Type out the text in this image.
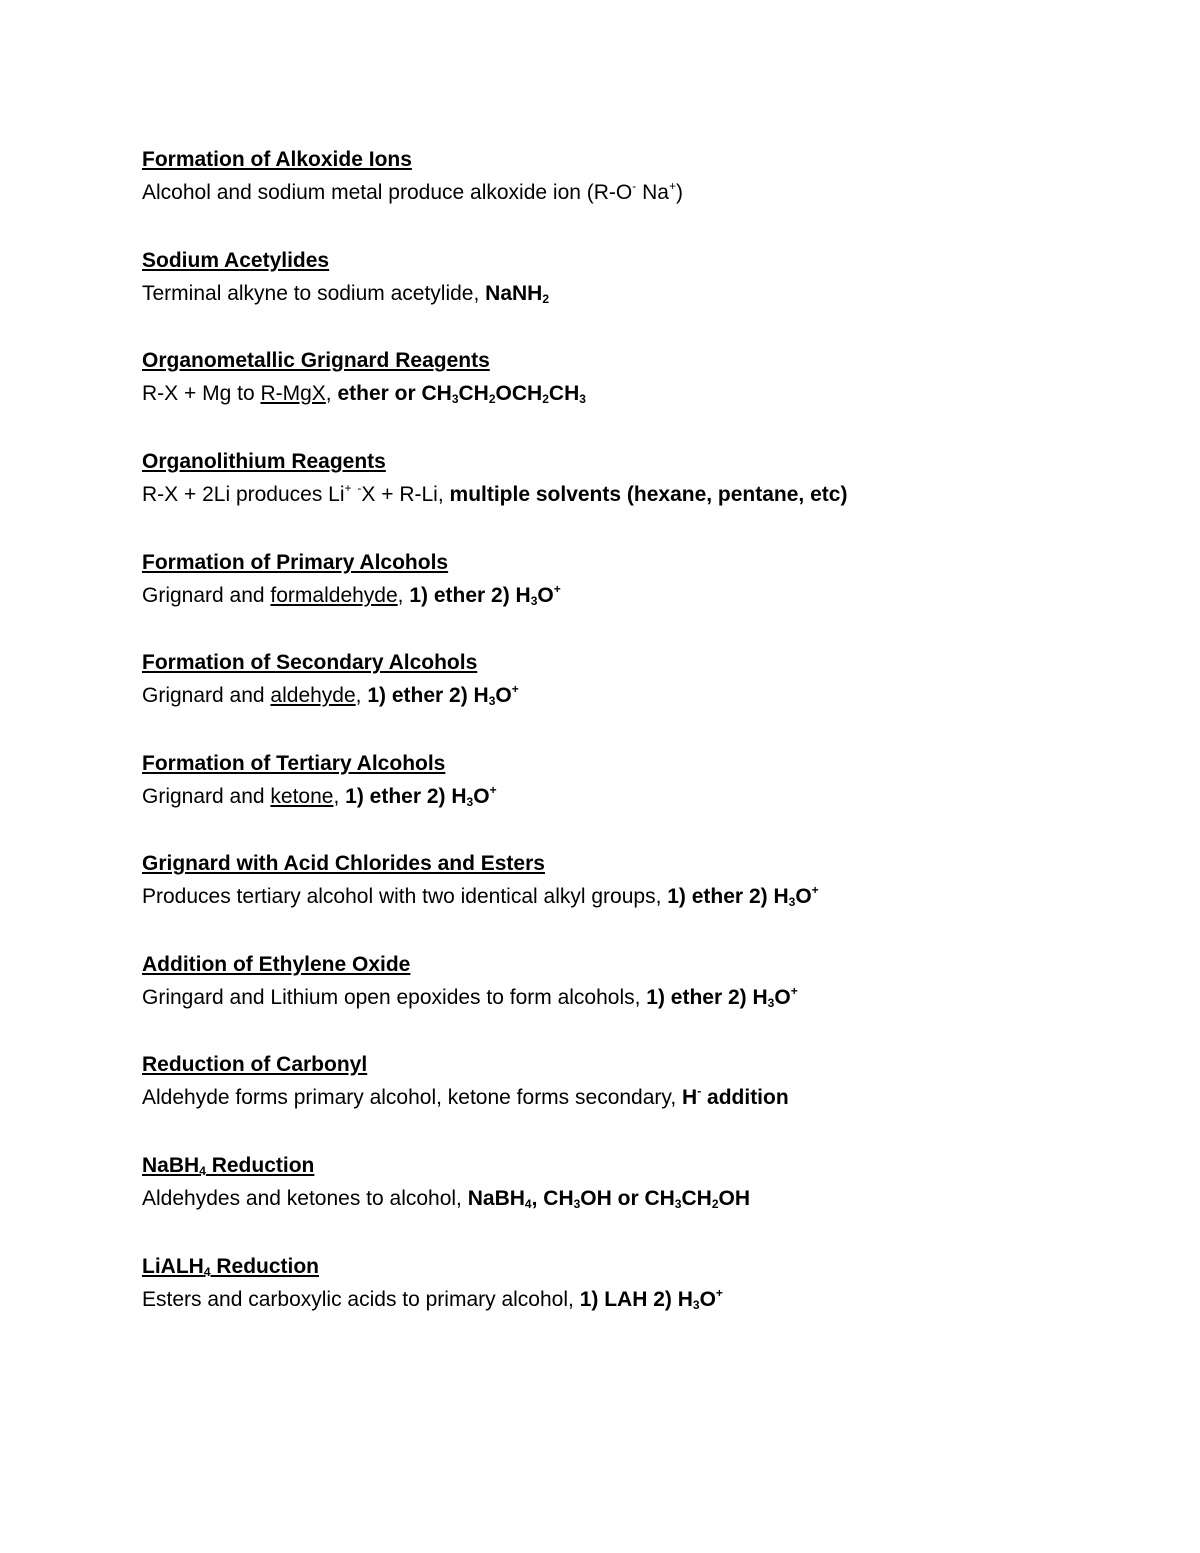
Formation of Alkoxide Ions
Alcohol and sodium metal produce alkoxide ion (R-O- Na+)
Sodium Acetylides
Terminal alkyne to sodium acetylide, NaNH$_2$
Organometallic Grignard Reagents
R-X + Mg to R-MgX, ether or $CH_3CH_2OCH_2CH_3$
Organolithium Reagents
R-X + 2Li produces Li+ -X + R-Li, multiple solvents (hexane, pentane, etc)
Formation of Primary Alcohols
Grignard and formaldehyde, 1) ether 2) $H_3O^+$
Formation of Secondary Alcohols
Grignard and aldehyde, 1) ether 2) $H_3O^+$
Formation of Tertiary Alcohols
Grignard and ketone, 1) ether 2) $H_3O^+$
Grignard with Acid Chlorides and Esters
Produces tertiary alcohol with two identical alkyl groups, 1) ether 2) $H_3O^+$
Addition of Ethylene Oxide
Gringard and Lithium open epoxides to form alcohols, 1) ether 2) $H_3O^+$
Reduction of Carbonyl
Aldehyde forms primary alcohol, ketone forms secondary, H- addition
NaBH$_4$ Reduction
Aldehydes and ketones to alcohol, NaBH$_4$, $CH_3OH$ or $CH_3CH_2OH$
LiALH$_4$ Reduction
Esters and carboxylic acids to primary alcohol, 1) LAH 2) $H_3O^+$
